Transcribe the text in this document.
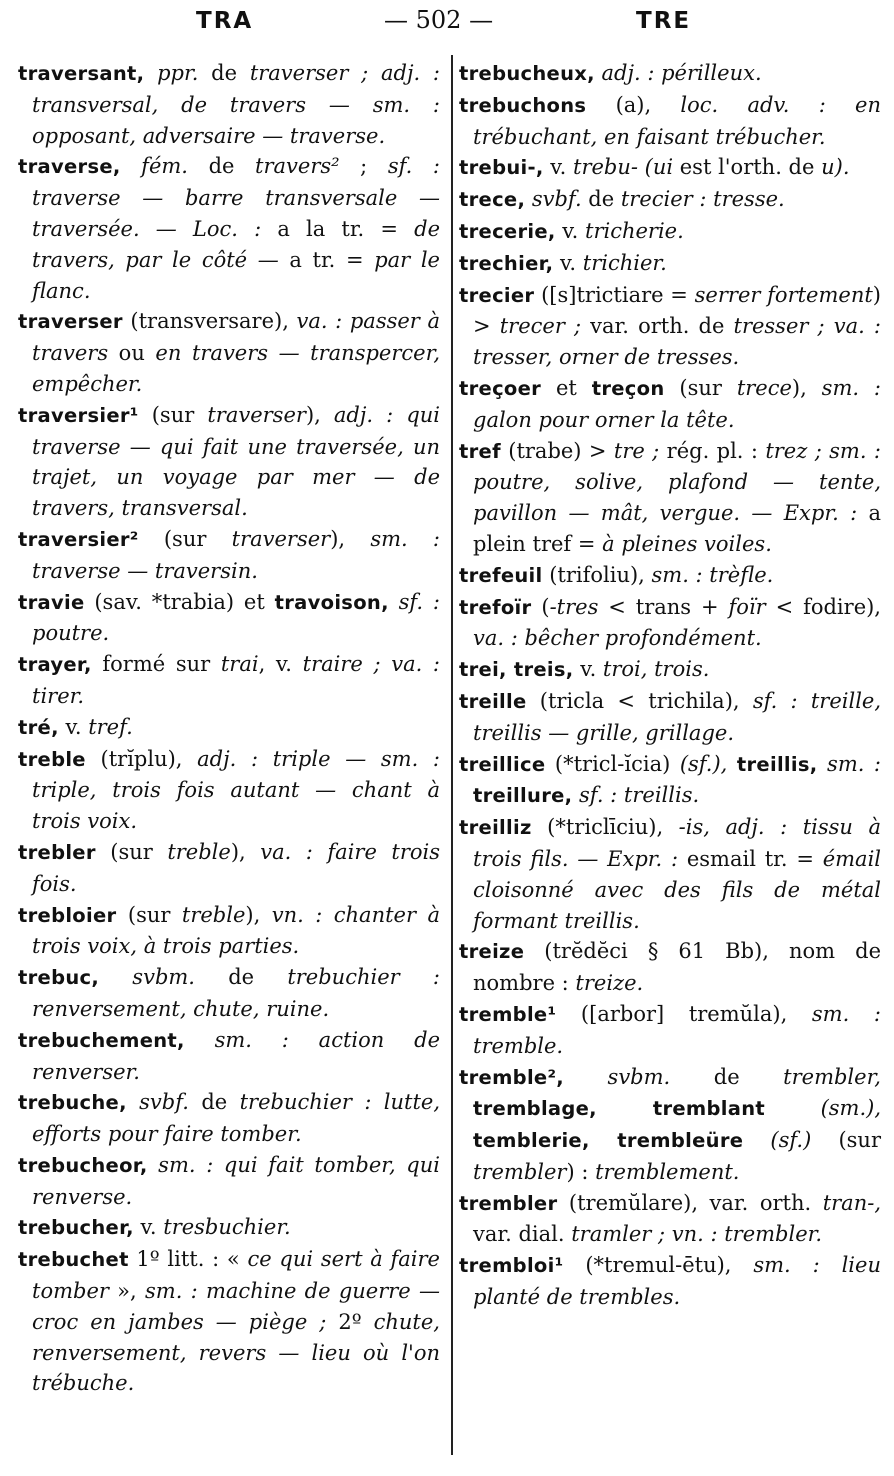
TRA	— 502 —	TRE

traversant, ppr. de traverser ; adj. : transversal, de travers — sm. : opposant, adversaire — traverse.

traverse, fém. de travers² ; sf. : traverse — barre transversale — traversée. — Loc. : a la tr. = de travers, par le côté — a tr. = par le flanc.

traverser (transversare), va. : passer à travers ou en travers — transpercer, empêcher.

traversier¹ (sur traverser), adj. : qui traverse — qui fait une traversée, un trajet, un voyage par mer — de travers, transversal.

traversier² (sur traverser), sm. : traverse — traversin.

travie (sav. *trabia) et travoison, sf. : poutre.

trayer, formé sur trai, v. traire ; va. : tirer.

tré, v. tref.

treble (trĭplu), adj. : triple — sm. : triple, trois fois autant — chant à trois voix.

trebler (sur treble), va. : faire trois fois.

trebloier (sur treble), vn. : chanter à trois voix, à trois parties.

trebuc, svbm. de trebuchier : renversement, chute, ruine.

trebuchement, sm. : action de renverser.

trebuche, svbf. de trebuchier : lutte, efforts pour faire tomber.

trebucheor, sm. : qui fait tomber, qui renverse.

trebucher, v. tresbuchier.

trebuchet 1º litt. : « ce qui sert à faire tomber », sm. : machine de guerre — croc en jambes — piège ; 2º chute, renversement, revers — lieu où l'on trébuche.

trebucheux, adj. : périlleux.

trebuchons (a), loc. adv. : en trébuchant, en faisant trébucher.

trebui-, v. trebu- (ui est l'orth. de u).

trece, svbf. de trecier : tresse.

trecerie, v. tricherie.

trechier, v. trichier.

trecier ([s]trictiare = serrer fortement) > trecer ; var. orth. de tresser ; va. : tresser, orner de tresses.

treçoer et treçon (sur trece), sm. : galon pour orner la tête.

tref (trabe) > tre ; rég. pl. : trez ; sm. : poutre, solive, plafond — tente, pavillon — mât, vergue. — Expr. : a plein tref = à pleines voiles.

trefeuil (trifoliu), sm. : trèfle.

trefoïr (-tres < trans + foïr < fodire), va. : bêcher profondément.

trei, treis, v. troi, trois.

treille (tricla < trichila), sf. : treille, treillis — grille, grillage.

treillice (*tricl-ĭcia) (sf.), treillis, sm. : treillure, sf. : treillis.

treilliz (*triclīciu), -is, adj. : tissu à trois fils. — Expr. : esmail tr. = émail cloisonné avec des fils de métal formant treillis.

treize (trĕdĕci § 61 Bb), nom de nombre : treize.

tremble¹ ([arbor] tremŭla), sm. : tremble.

tremble², svbm. de trembler, tremblage, tremblant (sm.), temblerie, trembleüre (sf.) (sur trembler) : tremblement.

trembler (tremŭlare), var. orth. tran-, var. dial. tramler ; vn. : trembler.

trembloi¹ (*tremul-ētu), sm. : lieu planté de trembles.
